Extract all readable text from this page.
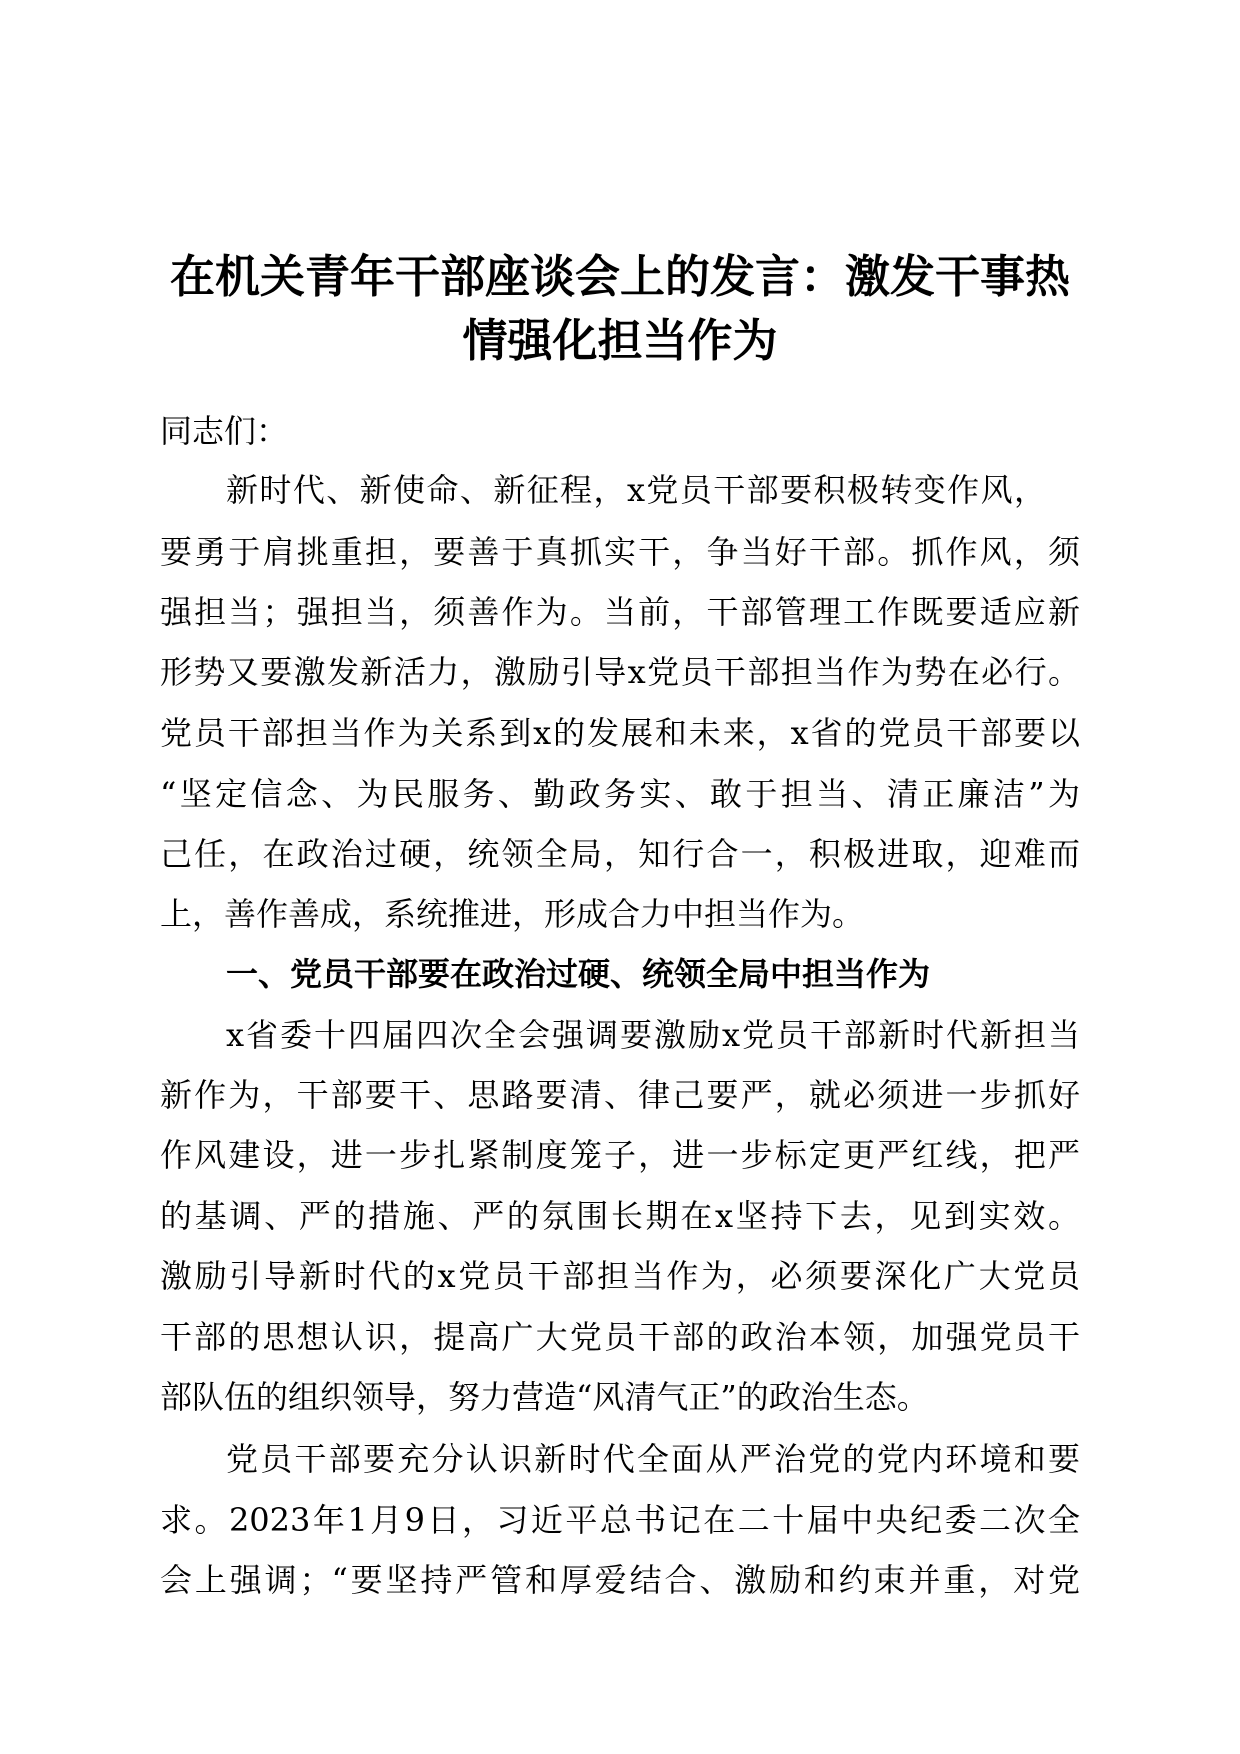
在机关青年干部座谈会上的发言：激发干事热
情强化担当作为

同志们：

新时代、新使命、新征程，x党员干部要积极转变作风，

要勇于肩挑重担，要善于真抓实干，争当好干部。抓作风，须

强担当；强担当，须善作为。当前，干部管理工作既要适应新

形势又要激发新活力，激励引导x党员干部担当作为势在必行。

党员干部担当作为关系到x的发展和未来，x省的党员干部要以

“坚定信念、为民服务、勤政务实、敢于担当、清正廉洁”为

己任，在政治过硬，统领全局，知行合一，积极进取，迎难而

上，善作善成，系统推进，形成合力中担当作为。

一、党员干部要在政治过硬、统领全局中担当作为

x省委十四届四次全会强调要激励x党员干部新时代新担当

新作为，干部要干、思路要清、律己要严，就必须进一步抓好

作风建设，进一步扎紧制度笼子，进一步标定更严红线，把严

的基调、严的措施、严的氛围长期在x坚持下去，见到实效。

激励引导新时代的x党员干部担当作为，必须要深化广大党员

干部的思想认识，提高广大党员干部的政治本领，加强党员干

部队伍的组织领导，努力营造“风清气正”的政治生态。

党员干部要充分认识新时代全面从严治党的党内环境和要

求。2023年1月9日，习近平总书记在二十届中央纪委二次全

会上强调；“要坚持严管和厚爱结合、激励和约束并重，对党
